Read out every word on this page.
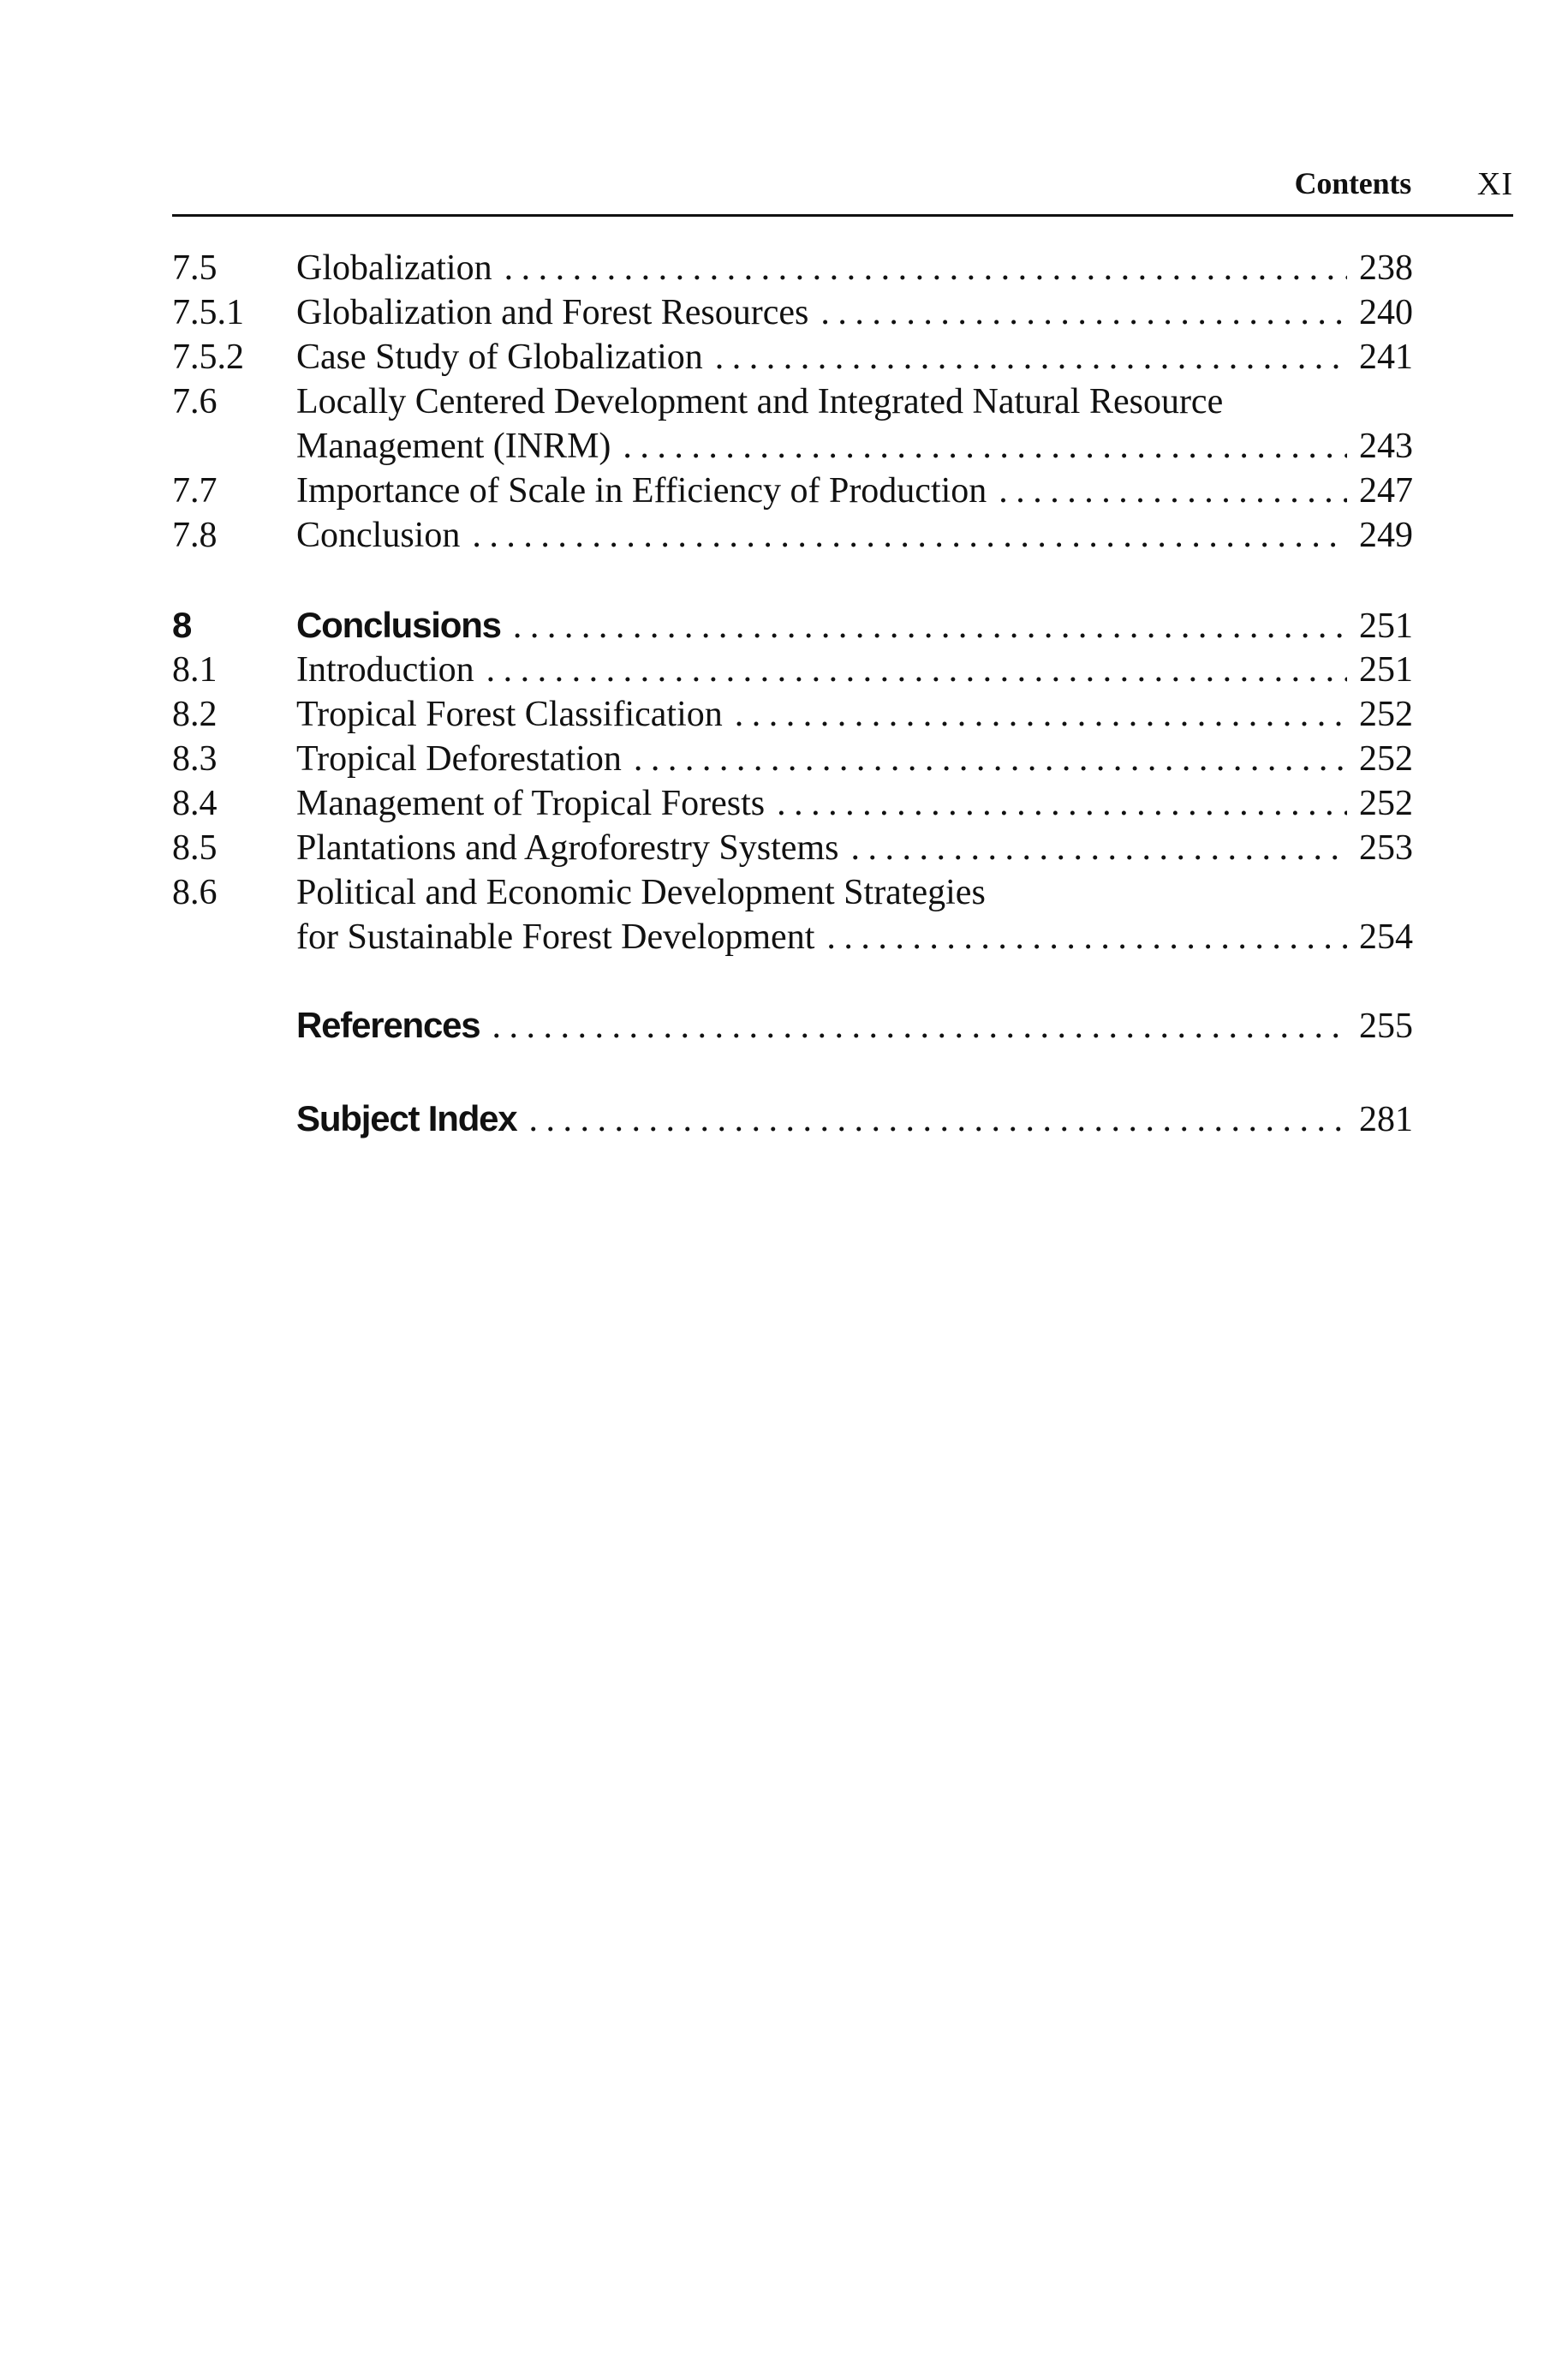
Contents XI
7.5 Globalization . . .	238
7.5.1 Globalization and Forest Resources . . .	240
7.5.2 Case Study of Globalization . . .	241
7.6 Locally Centered Development and Integrated Natural Resource
Management (INRM) . . .	243
7.7 Importance of Scale in Efficiency of Production . . .	247
7.8 Conclusion . . .	249
8	Conclusions . . .	251
8.1 Introduction . . .	251
8.2 Tropical Forest Classification . . .	252
8.3 Tropical Deforestation . . .	252
8.4 Management of Tropical Forests . . .	252
8.5 Plantations and Agroforestry Systems . . .	253
8.6 Political and Economic Development Strategies
for Sustainable Forest Development . . .	254
References . . .	255
Subject Index . . .	281
